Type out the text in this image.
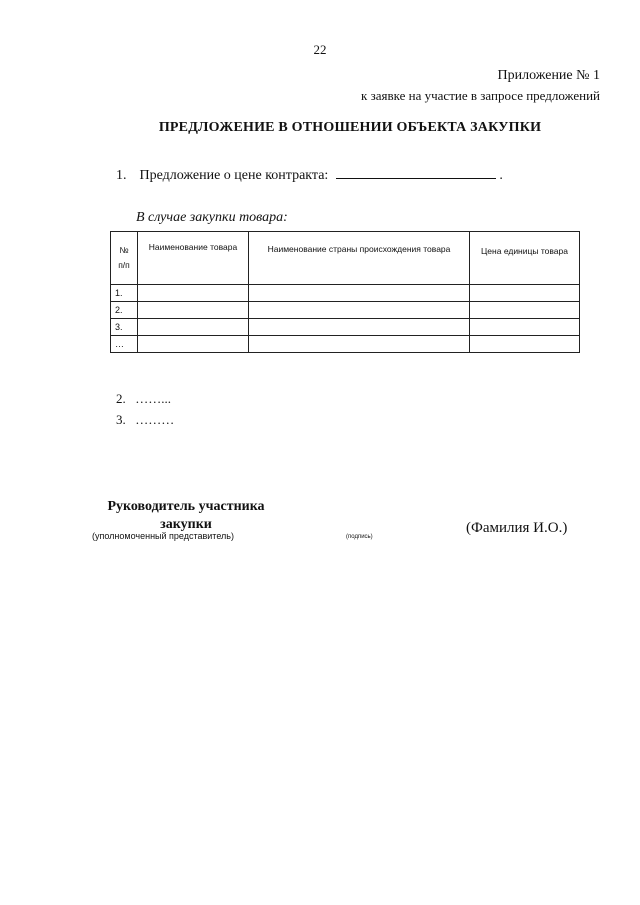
22
Приложение № 1
к заявке на участие в запросе предложений
ПРЕДЛОЖЕНИЕ В ОТНОШЕНИИ ОБЪЕКТА ЗАКУПКИ
1. Предложение о цене контракта:	.
В случае закупки товара:
№
п/п	Наименование товара	Наименование страны происхождения товара	Цена единицы товара
1.			
2.			
3.			
…			
2. ……...
3. ………
Руководитель участника закупки
(уполномоченный представитель)	(подпись)
(Фамилия И.О.)
